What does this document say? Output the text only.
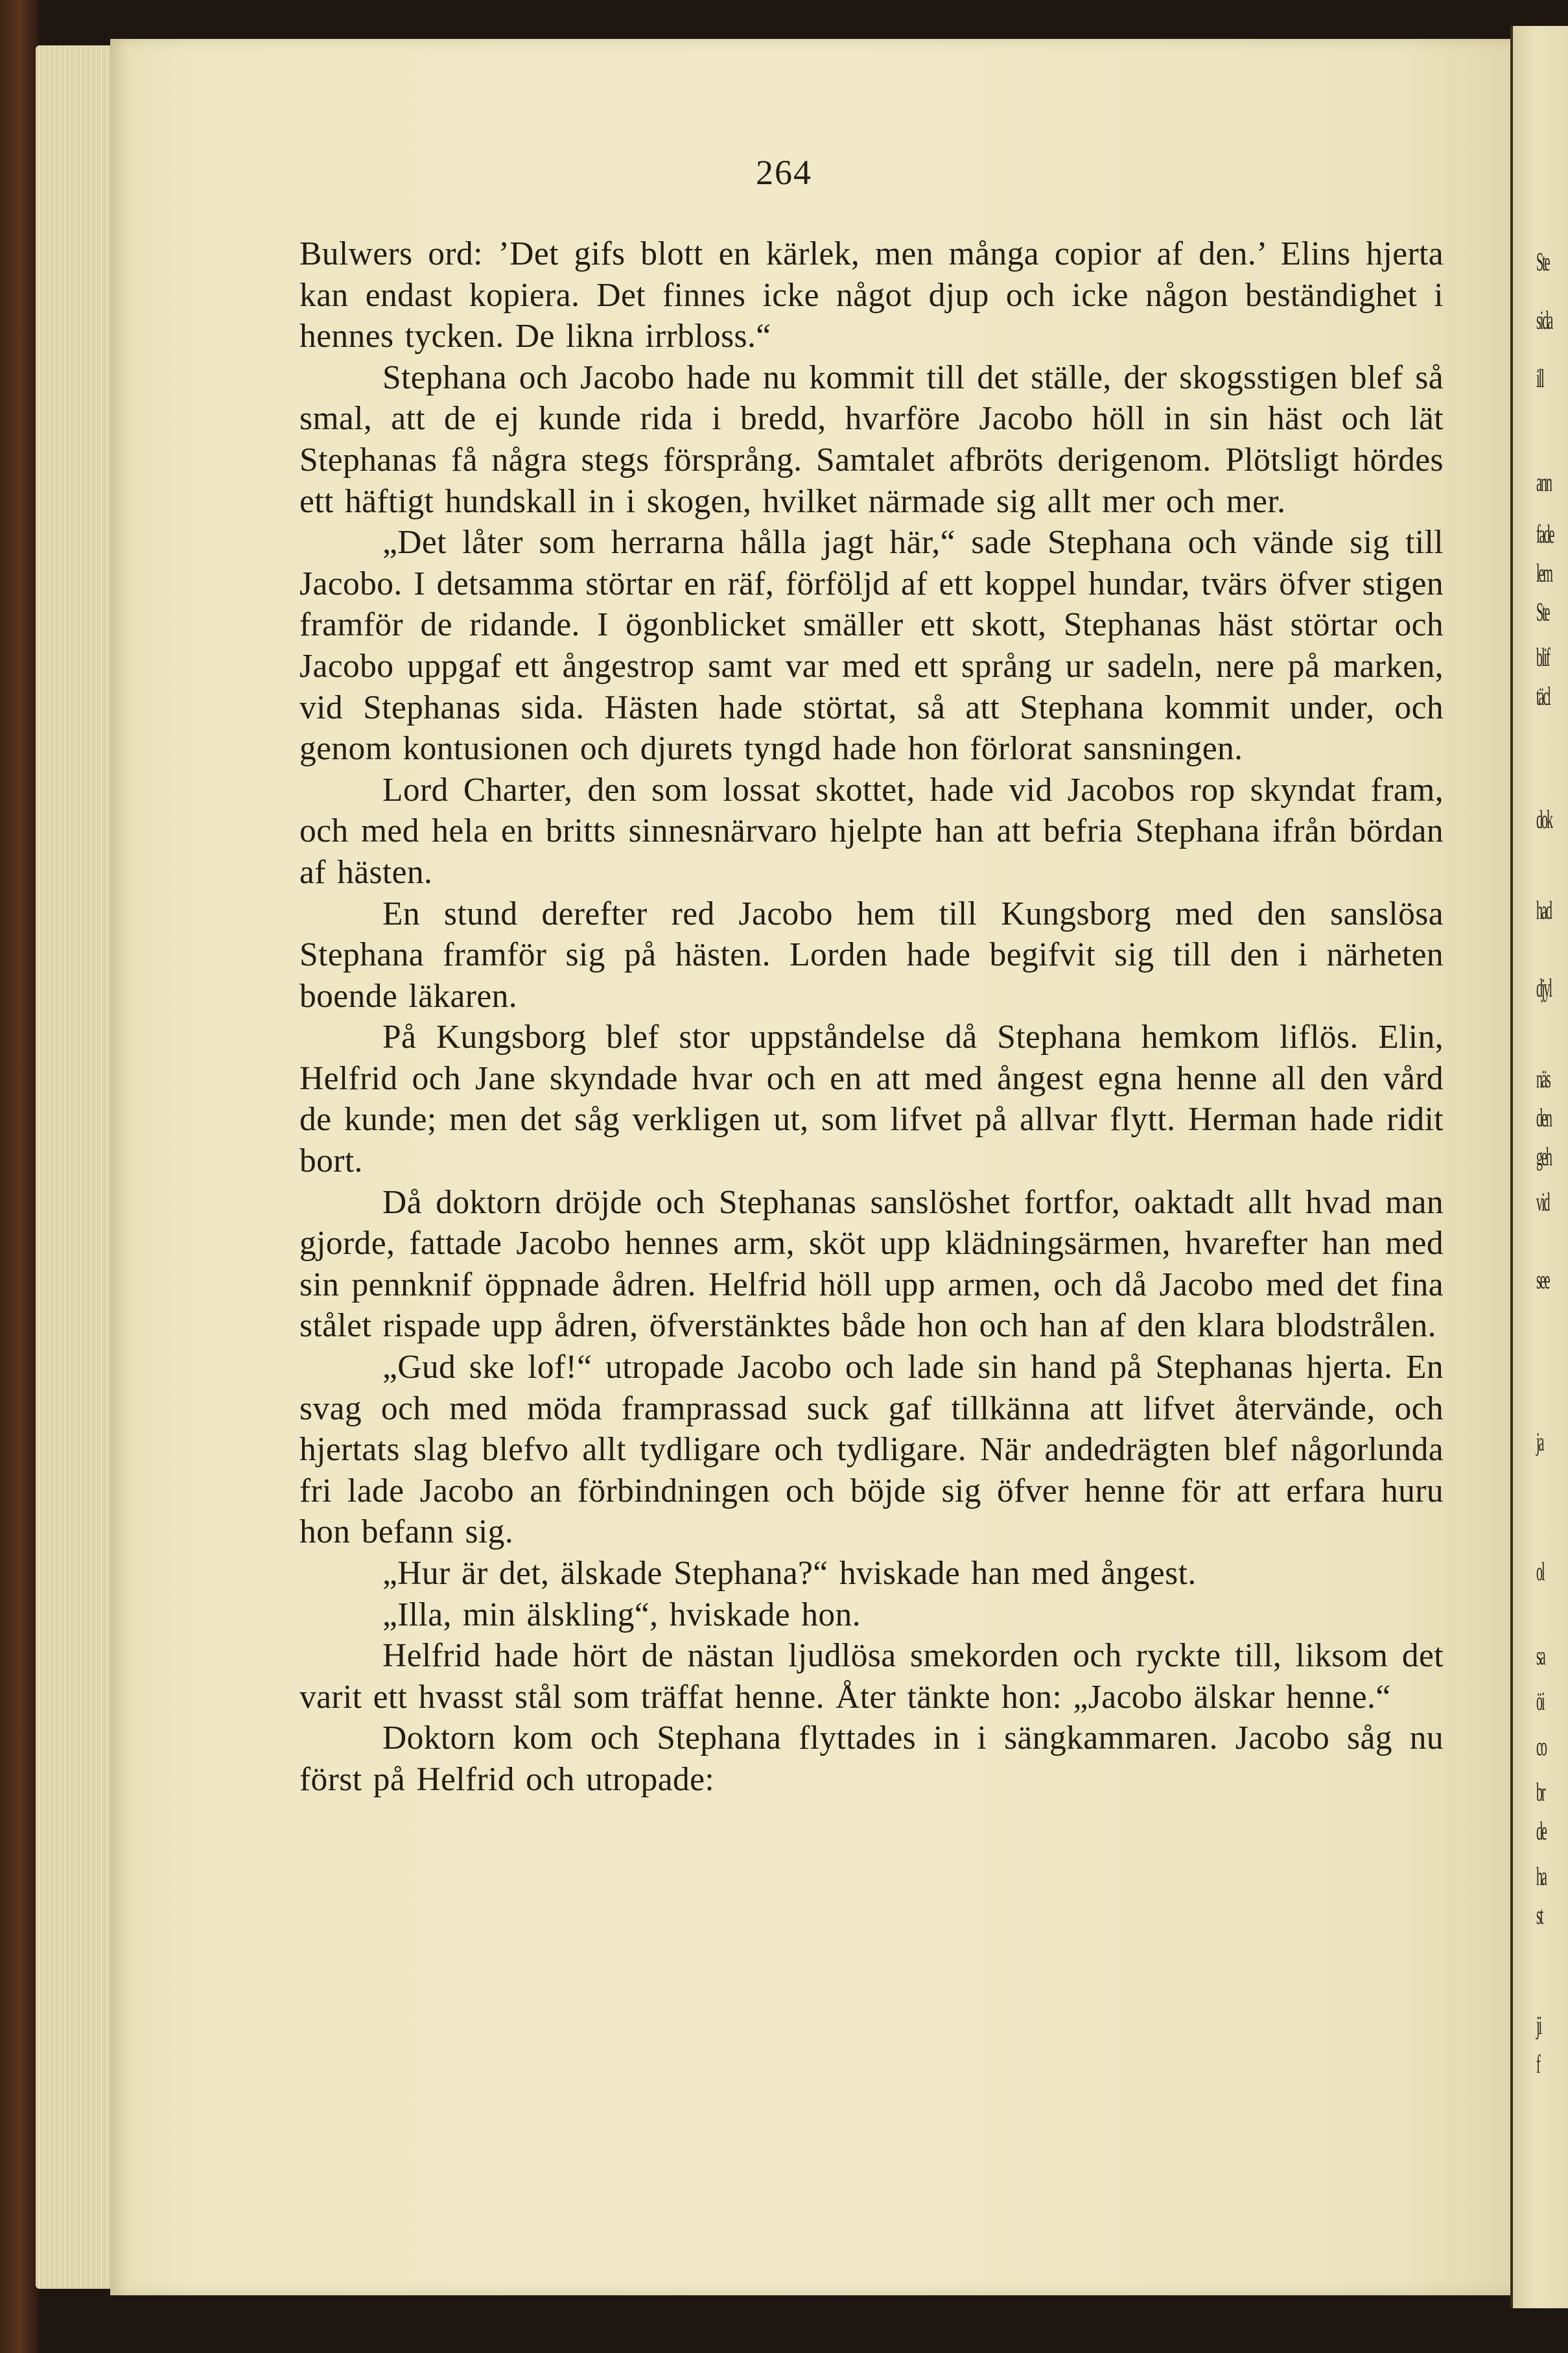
Ste
sida
ill
ann
fade
lem
Ste
blif
täcl
dok
had
djyl
näs
den
geh
vid
see
ja
ol
sa
öi
co
br
de
ha
st
ji
f
264

Bulwers ord: ’Det gifs blott en kärlek, men många copior af den.’ Elins hjerta kan endast kopiera. Det finnes icke något djup och icke någon beständighet i hennes tycken. De likna irrbloss.“

Stephana och Jacobo hade nu kommit till det ställe, der skogsstigen blef så smal, att de ej kunde rida i bredd, hvarföre Jacobo höll in sin häst och lät Stephanas få några stegs försprång. Samtalet afbröts derigenom. Plötsligt hördes ett häftigt hundskall in i skogen, hvilket närmade sig allt mer och mer.

„Det låter som herrarna hålla jagt här,“ sade Stephana och vände sig till Jacobo. I detsamma störtar en räf, förföljd af ett koppel hundar, tvärs öfver stigen framför de ridande. I ögonblicket smäller ett skott, Stephanas häst störtar och Jacobo uppgaf ett ångestrop samt var med ett språng ur sadeln, nere på marken, vid Stephanas sida. Hästen hade störtat, så att Stephana kommit under, och genom kontusionen och djurets tyngd hade hon förlorat sansningen.

Lord Charter, den som lossat skottet, hade vid Jacobos rop skyndat fram, och med hela en britts sinnesnärvaro hjelpte han att befria Stephana ifrån bördan af hästen.

En stund derefter red Jacobo hem till Kungsborg med den sanslösa Stephana framför sig på hästen. Lorden hade begifvit sig till den i närheten boende läkaren.

På Kungsborg blef stor uppståndelse då Stephana hemkom liflös. Elin, Helfrid och Jane skyndade hvar och en att med ångest egna henne all den vård de kunde; men det såg verkligen ut, som lifvet på allvar flytt. Herman hade ridit bort.

Då doktorn dröjde och Stephanas sanslöshet fortfor, oaktadt allt hvad man gjorde, fattade Jacobo hennes arm, sköt upp klädningsärmen, hvarefter han med sin pennknif öppnade ådren. Helfrid höll upp armen, och då Jacobo med det fina stålet rispade upp ådren, öfverstänktes både hon och han af den klara blodstrålen.

„Gud ske lof!“ utropade Jacobo och lade sin hand på Stephanas hjerta. En svag och med möda framprassad suck gaf tillkänna att lifvet återvände, och hjertats slag blefvo allt tydligare och tydligare. När andedrägten blef någorlunda fri lade Jacobo an förbindningen och böjde sig öfver henne för att erfara huru hon befann sig.

„Hur är det, älskade Stephana?“ hviskade han med ångest.

„Illa, min älskling“, hviskade hon.

Helfrid hade hört de nästan ljudlösa smekorden och ryckte till, liksom det varit ett hvasst stål som träffat henne. Åter tänkte hon: „Jacobo älskar henne.“

Doktorn kom och Stephana flyttades in i sängkammaren. Jacobo såg nu först på Helfrid och utropade:
